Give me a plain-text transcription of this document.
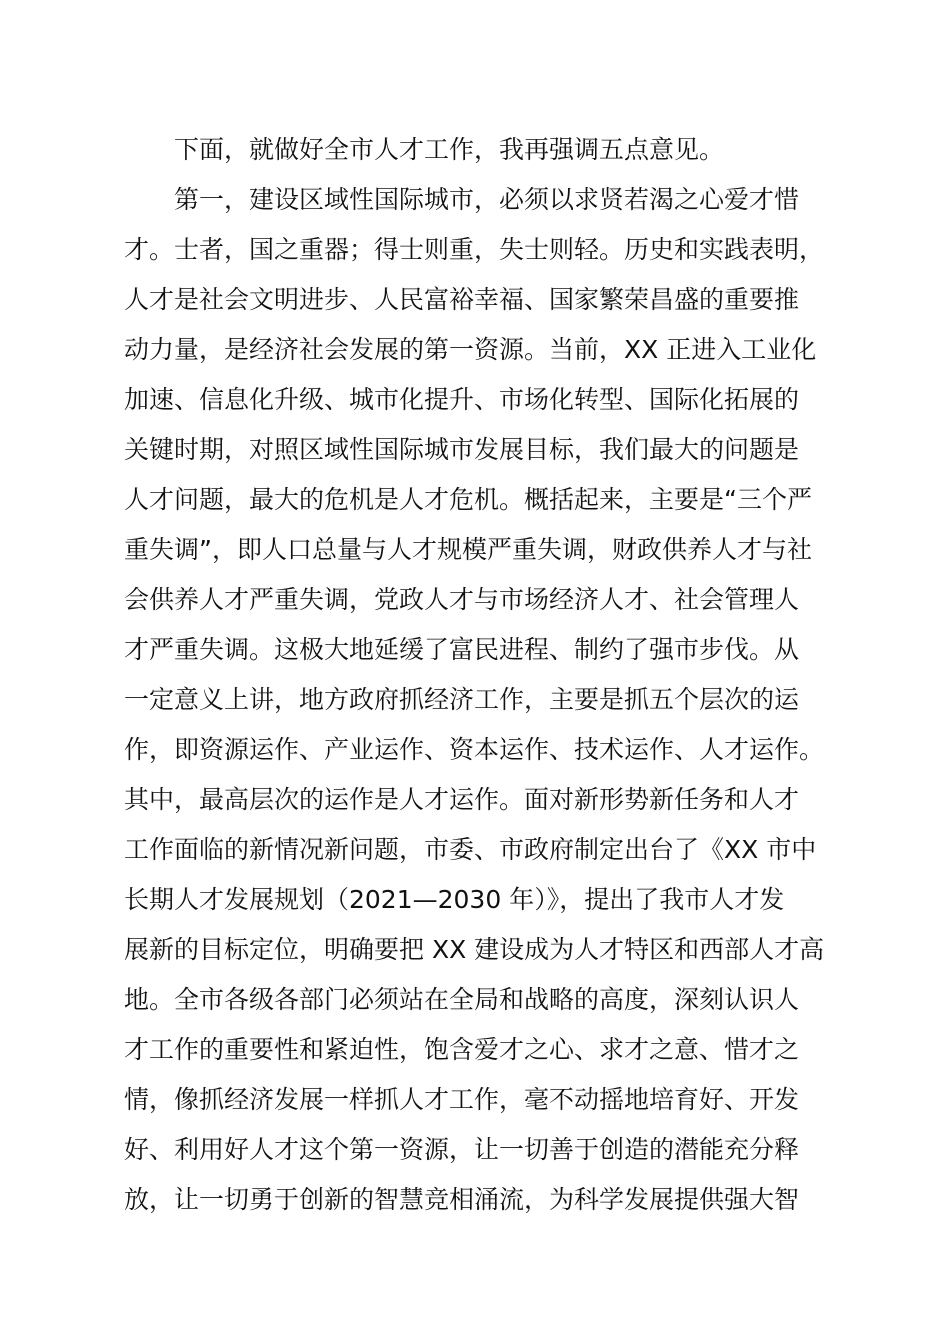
下面，就做好全市人才工作，我再强调五点意见。
第一，建设区域性国际城市，必须以求贤若渴之心爱才惜
才。士者，国之重器；得士则重，失士则轻。历史和实践表明，
人才是社会文明进步、人民富裕幸福、国家繁荣昌盛的重要推
动力量，是经济社会发展的第一资源。当前，XX 正进入工业化
加速、信息化升级、城市化提升、市场化转型、国际化拓展的
关键时期，对照区域性国际城市发展目标，我们最大的问题是
人才问题，最大的危机是人才危机。概括起来，主要是“三个严
重失调”，即人口总量与人才规模严重失调，财政供养人才与社
会供养人才严重失调，党政人才与市场经济人才、社会管理人
才严重失调。这极大地延缓了富民进程、制约了强市步伐。从
一定意义上讲，地方政府抓经济工作，主要是抓五个层次的运
作，即资源运作、产业运作、资本运作、技术运作、人才运作。
其中，最高层次的运作是人才运作。面对新形势新任务和人才
工作面临的新情况新问题，市委、市政府制定出台了《XX 市中
长期人才发展规划（2021—2030 年）》，提出了我市人才发
展新的目标定位，明确要把 XX 建设成为人才特区和西部人才高
地。全市各级各部门必须站在全局和战略的高度，深刻认识人
才工作的重要性和紧迫性，饱含爱才之心、求才之意、惜才之
情，像抓经济发展一样抓人才工作，毫不动摇地培育好、开发
好、利用好人才这个第一资源，让一切善于创造的潜能充分释
放，让一切勇于创新的智慧竞相涌流，为科学发展提供强大智
